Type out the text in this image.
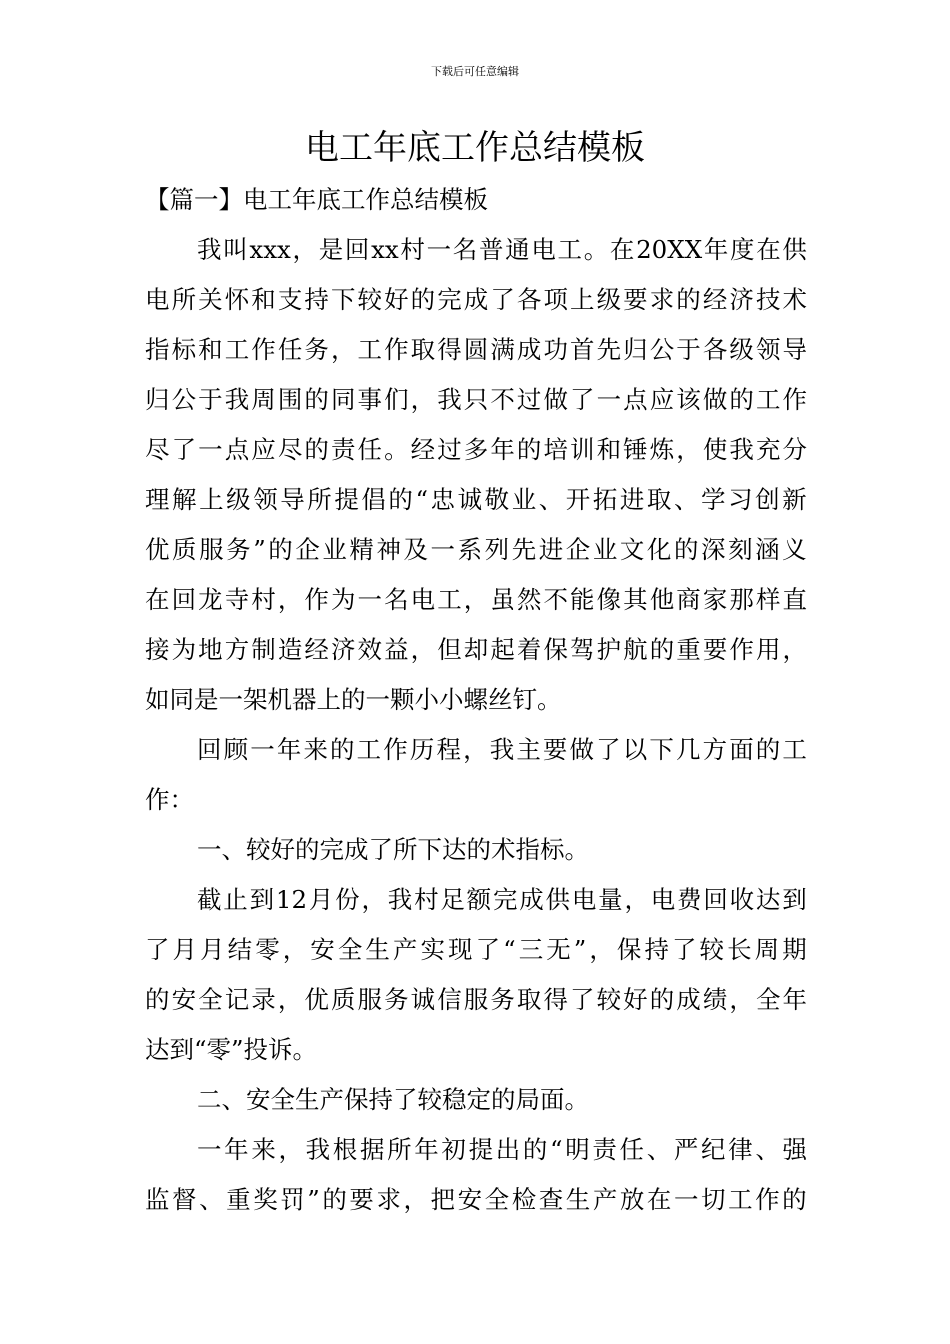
下载后可任意编辑
电工年底工作总结模板
【篇一】电工年底工作总结模板
我 叫 xxx ， 是 回 xx 村 一 名 普 通 电 工 。 在 20XX 年 度 在 供
电 所 关 怀 和 支 持 下 较 好 的 完 成 了 各 项 上 级 要 求 的 经 济 技 术
指 标 和 工 作 任 务 ， 工 作 取 得 圆 满 成 功 首 先 归 公 于 各 级 领 导
归 公 于 我 周 围 的 同 事 们 ， 我 只 不 过 做 了 一 点 应 该 做 的 工 作
尽 了 一 点 应 尽 的 责 任 。 经 过 多 年 的 培 训 和 锤 炼 ， 使 我 充 分
理 解 上 级 领 导 所 提 倡 的 “ 忠 诚 敬 业 、 开 拓 进 取 、 学 习 创 新
优 质 服 务 ” 的 企 业 精 神 及 一 系 列 先 进 企 业 文 化 的 深 刻 涵 义
在 回 龙 寺 村 ， 作 为 一 名 电 工 ， 虽 然 不 能 像 其 他 商 家 那 样 直
接 为 地 方 制 造 经 济 效 益 ， 但 却 起 着 保 驾 护 航 的 重 要 作 用 ，
如同是一架机器上的一颗小小螺丝钉。
回 顾 一 年 来 的 工 作 历 程 ， 我 主 要 做 了 以 下 几 方 面 的 工
作：
一、较好的完成了所下达的术指标。
截 止 到 12 月 份 ， 我 村 足 额 完 成 供 电 量 ， 电 费 回 收 达 到
了 月 月 结 零 ， 安 全 生 产 实 现 了 “ 三 无 ” ， 保 持 了 较 长 周 期
的 安 全 记 录 ， 优 质 服 务 诚 信 服 务 取 得 了 较 好 的 成 绩 ， 全 年
达到“零”投诉。
二、安全生产保持了较稳定的局面。
一 年 来 ， 我 根 据 所 年 初 提 出 的 “ 明 责 任 、 严 纪 律 、 强
监 督 、 重 奖 罚 ” 的 要 求 ， 把 安 全 检 查 生 产 放 在 一 切 工 作 的
